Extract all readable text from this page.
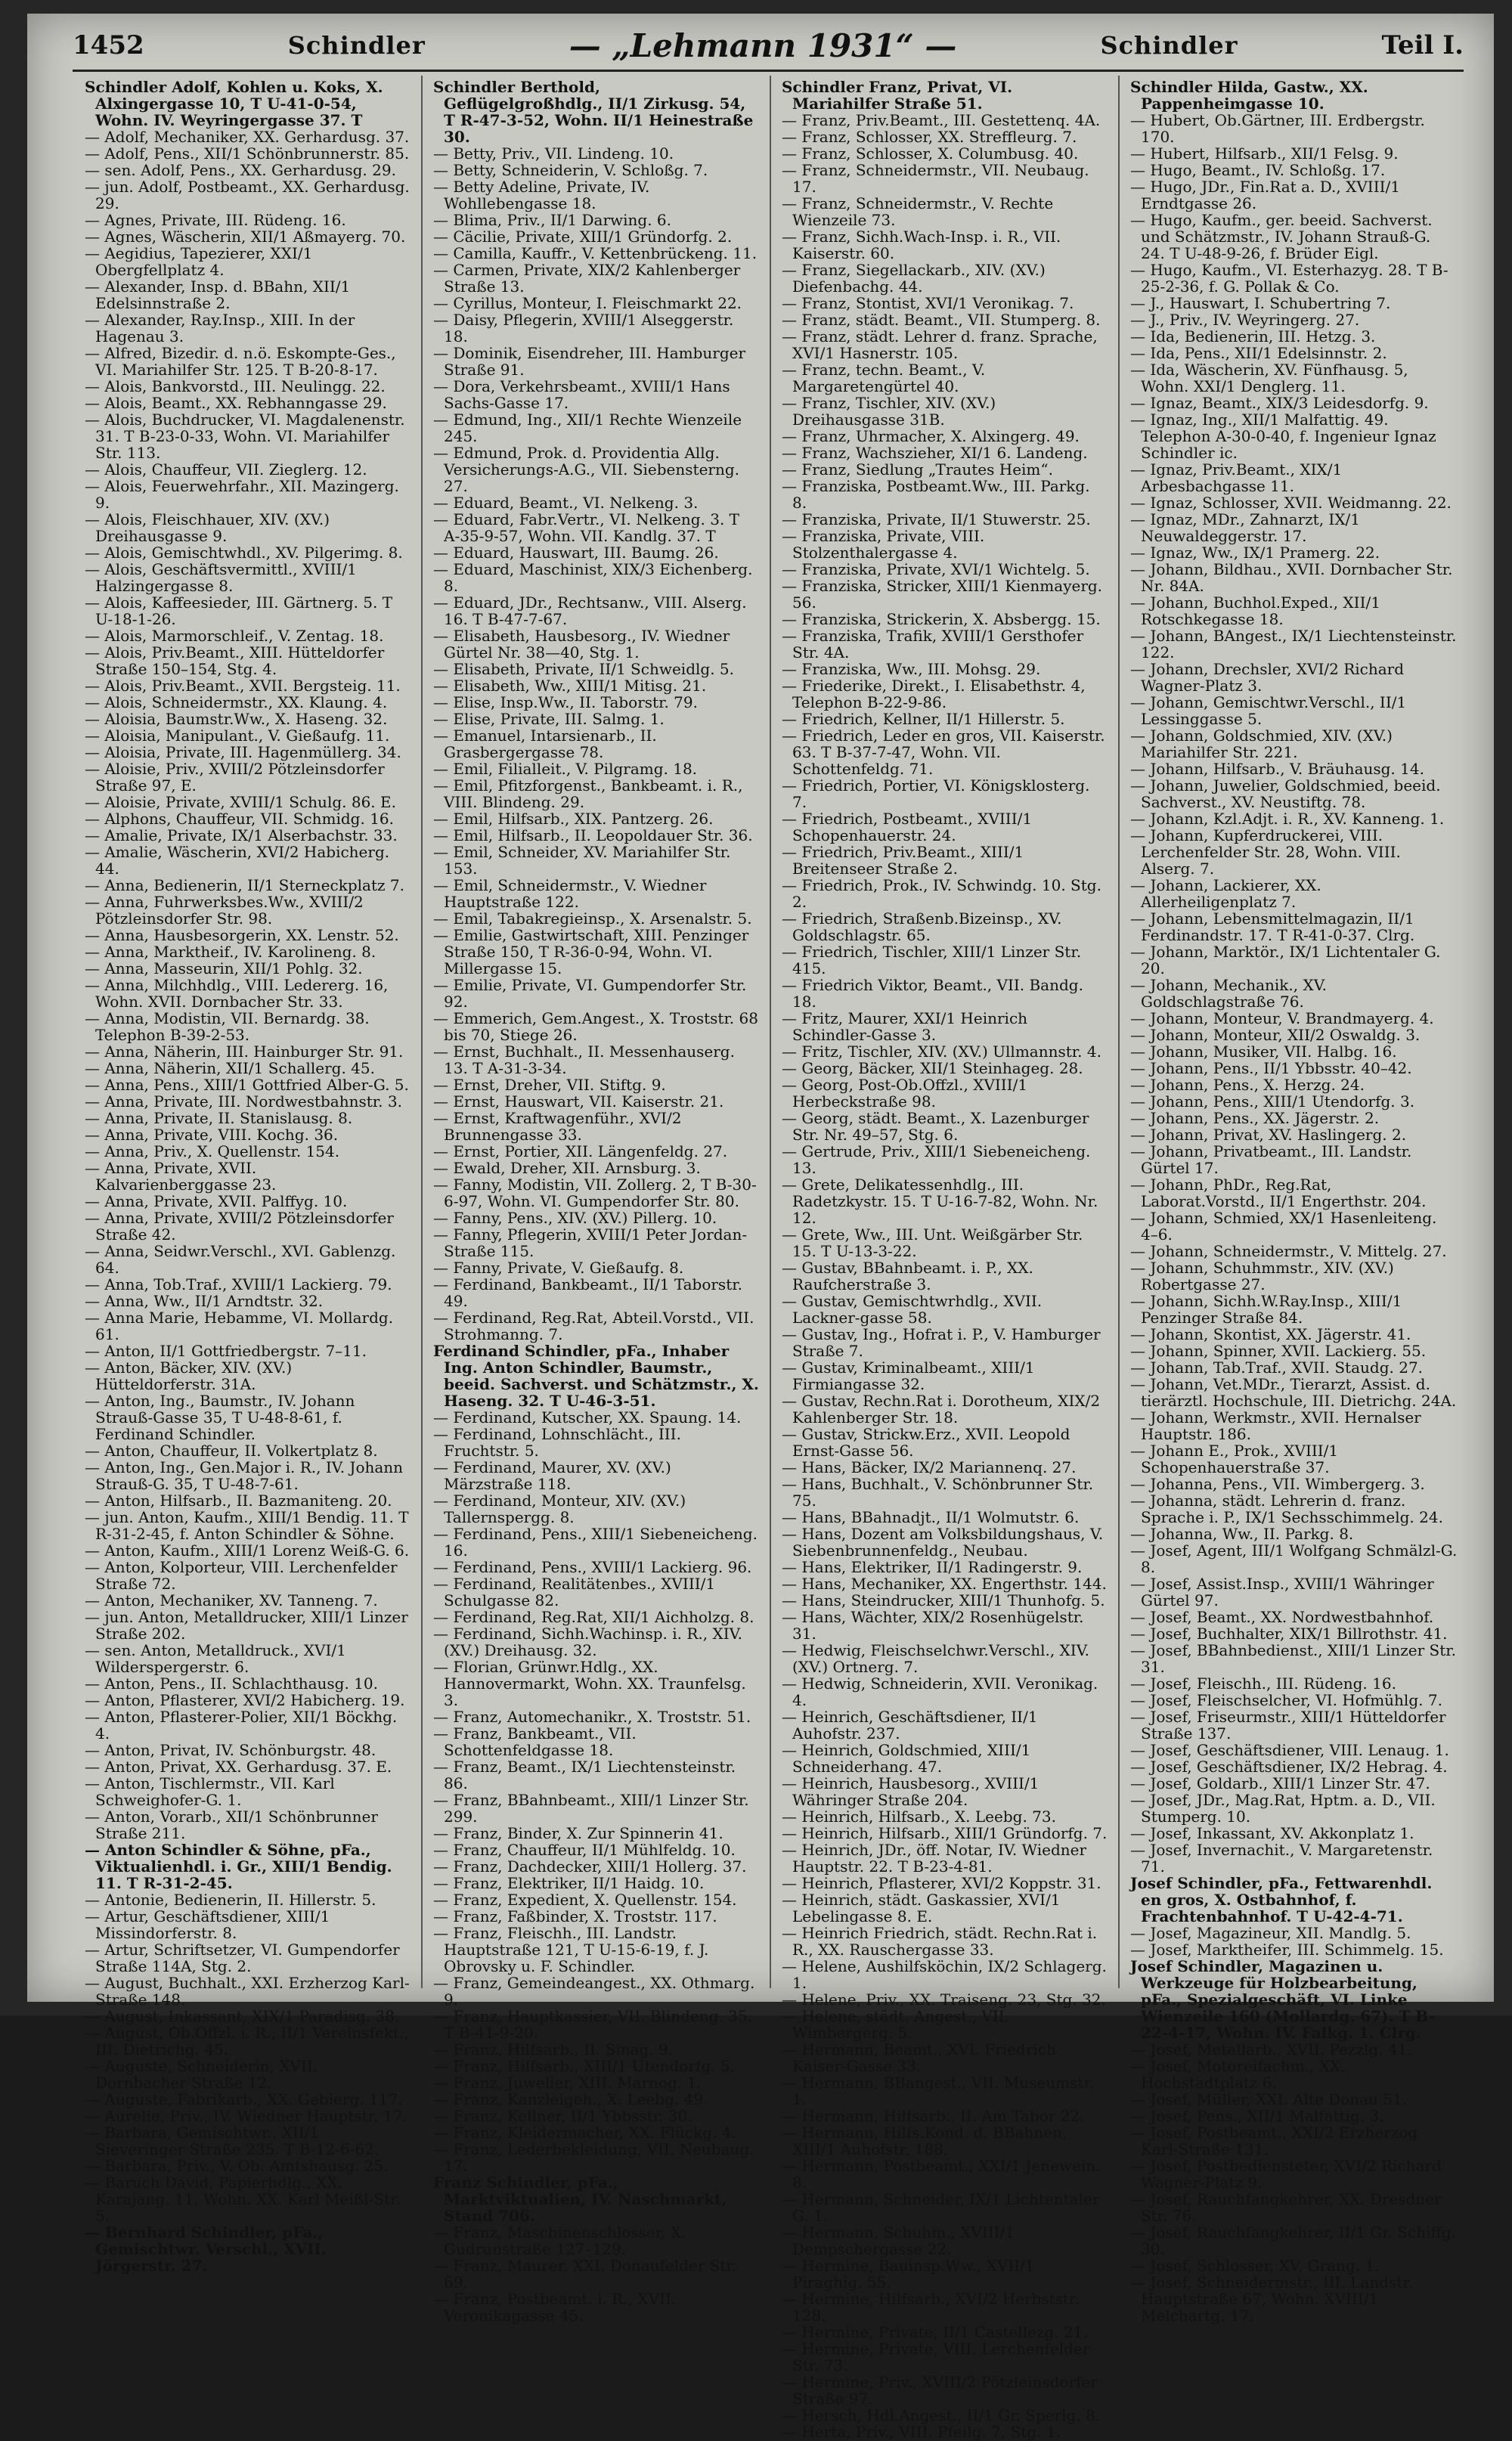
1452	Schindler	— „Lehmann 1931“ —	Schindler	Teil I.

Schindler Adolf, Kohlen u. Koks, X. Alxingergasse 10, T U-41-0-54, Wohn. IV. Weyringergasse 37. T

— Adolf, Mechaniker, XX. Gerhardusg. 37.

— Adolf, Pens., XII/1 Schönbrunnerstr. 85.

— sen. Adolf, Pens., XX. Gerhardusg. 29.

— jun. Adolf, Postbeamt., XX. Gerhardusg. 29.

— Agnes, Private, III. Rüdeng. 16.

— Agnes, Wäscherin, XII/1 Aßmayerg. 70.

— Aegidius, Tapezierer, XXI/1 Obergfellplatz 4.

— Alexander, Insp. d. BBahn, XII/1 Edelsinnstraße 2.

— Alexander, Ray.Insp., XIII. In der Hagenau 3.

— Alfred, Bizedir. d. n.ö. Eskompte-Ges., VI. Mariahilfer Str. 125. T B-20-8-17.

— Alois, Bankvorstd., III. Neulingg. 22.

— Alois, Beamt., XX. Rebhanngasse 29.

— Alois, Buchdrucker, VI. Magdalenenstr. 31. T B-23-0-33, Wohn. VI. Mariahilfer Str. 113.

— Alois, Chauffeur, VII. Zieglerg. 12.

— Alois, Feuerwehrfahr., XII. Mazingerg. 9.

— Alois, Fleischhauer, XIV. (XV.) Dreihausgasse 9.

— Alois, Gemischtwhdl., XV. Pilgerimg. 8.

— Alois, Geschäftsvermittl., XVIII/1 Halzingergasse 8.

— Alois, Kaffeesieder, III. Gärtnerg. 5. T U-18-1-26.

— Alois, Marmorschleif., V. Zentag. 18.

— Alois, Priv.Beamt., XIII. Hütteldorfer Straße 150–154, Stg. 4.

— Alois, Priv.Beamt., XVII. Bergsteig. 11.

— Alois, Schneidermstr., XX. Klaung. 4.

— Aloisia, Baumstr.Ww., X. Haseng. 32.

— Aloisia, Manipulant., V. Gießaufg. 11.

— Aloisia, Private, III. Hagenmüllerg. 34.

— Aloisie, Priv., XVIII/2 Pötzleinsdorfer Straße 97, E.

— Aloisie, Private, XVIII/1 Schulg. 86. E.

— Alphons, Chauffeur, VII. Schmidg. 16.

— Amalie, Private, IX/1 Alserbachstr. 33.

— Amalie, Wäscherin, XVI/2 Habicherg. 44.

— Anna, Bedienerin, II/1 Sterneckplatz 7.

— Anna, Fuhrwerksbes.Ww., XVIII/2 Pötzleinsdorfer Str. 98.

— Anna, Hausbesorgerin, XX. Lenstr. 52.

— Anna, Marktheif., IV. Karolineng. 8.

— Anna, Masseurin, XII/1 Pohlg. 32.

— Anna, Milchhdlg., VIII. Ledererg. 16, Wohn. XVII. Dornbacher Str. 33.

— Anna, Modistin, VII. Bernardg. 38. Telephon B-39-2-53.

— Anna, Näherin, III. Hainburger Str. 91.

— Anna, Näherin, XII/1 Schallerg. 45.

— Anna, Pens., XIII/1 Gottfried Alber-G. 5.

— Anna, Private, III. Nordwestbahnstr. 3.

— Anna, Private, II. Stanislausg. 8.

— Anna, Private, VIII. Kochg. 36.

— Anna, Priv., X. Quellenstr. 154.

— Anna, Private, XVII. Kalvarienberggasse 23.

— Anna, Private, XVII. Palffyg. 10.

— Anna, Private, XVIII/2 Pötzleinsdorfer Straße 42.

— Anna, Seidwr.Verschl., XVI. Gablenzg. 64.

— Anna, Tob.Traf., XVIII/1 Lackierg. 79.

— Anna, Ww., II/1 Arndtstr. 32.

— Anna Marie, Hebamme, VI. Mollardg. 61.

— Anton, II/1 Gottfriedbergstr. 7–11.

— Anton, Bäcker, XIV. (XV.) Hütteldorferstr. 31A.

— Anton, Ing., Baumstr., IV. Johann Strauß-Gasse 35, T U-48-8-61, f. Ferdinand Schindler.

— Anton, Chauffeur, II. Volkertplatz 8.

— Anton, Ing., Gen.Major i. R., IV. Johann Strauß-G. 35, T U-48-7-61.

— Anton, Hilfsarb., II. Bazmaniteng. 20.

— jun. Anton, Kaufm., XIII/1 Bendig. 11. T R-31-2-45, f. Anton Schindler & Söhne.

— Anton, Kaufm., XIII/1 Lorenz Weiß-G. 6.

— Anton, Kolporteur, VIII. Lerchenfelder Straße 72.

— Anton, Mechaniker, XV. Tanneng. 7.

— jun. Anton, Metalldrucker, XIII/1 Linzer Straße 202.

— sen. Anton, Metalldruck., XVI/1 Wilderspergerstr. 6.

— Anton, Pens., II. Schlachthausg. 10.

— Anton, Pflasterer, XVI/2 Habicherg. 19.

— Anton, Pflasterer-Polier, XII/1 Böckhg. 4.

— Anton, Privat, IV. Schönburgstr. 48.

— Anton, Privat, XX. Gerhardusg. 37. E.

— Anton, Tischlermstr., VII. Karl Schweighofer-G. 1.

— Anton, Vorarb., XII/1 Schönbrunner Straße 211.

— Anton Schindler & Söhne, pFa., Viktualienhdl. i. Gr., XIII/1 Bendig. 11. T R-31-2-45.

— Antonie, Bedienerin, II. Hillerstr. 5.

— Artur, Geschäftsdiener, XIII/1 Missindorferstr. 8.

— Artur, Schriftsetzer, VI. Gumpendorfer Straße 114A, Stg. 2.

— August, Buchhalt., XXI. Erzherzog Karl-Straße 148.

— August, Inkassant, XIX/1 Paradisg. 38.

— August, Ob.Offzl. i. R., II/1 Vereinsfekt., III. Dietrichg. 45.

— Auguste, Schneiderin, XVII. Dornbacher Straße 12.

— Auguste, Fabrikarb., XX. Gebierg. 117.

— Aurelie, Priv., IV. Wiedner Hauptstr. 17.

— Barbara, Gemischtwr., XII/1 Sieveringer Straße 235. T B-12-6-62.

— Barbara, Priv., V. Ob. Amtshausg. 25.

— Baruch David, Papierhdlg., XX. Karajang. 11, Wohn. XX. Karl Meißl-Str. 5.

— Bernhard Schindler, pFa., Gemischtwr. Verschl., XVII. Jörgerstr. 27.

Schindler Berthold, Geflügelgroßhdlg., II/1 Zirkusg. 54, T R-47-3-52, Wohn. II/1 Heinestraße 30.

— Betty, Priv., VII. Lindeng. 10.

— Betty, Schneiderin, V. Schloßg. 7.

— Betty Adeline, Private, IV. Wohllebengasse 18.

— Blima, Priv., II/1 Darwing. 6.

— Cäcilie, Private, XIII/1 Gründorfg. 2.

— Camilla, Kauffr., V. Kettenbrückeng. 11.

— Carmen, Private, XIX/2 Kahlenberger Straße 13.

— Cyrillus, Monteur, I. Fleischmarkt 22.

— Daisy, Pflegerin, XVIII/1 Alseggerstr. 18.

— Dominik, Eisendreher, III. Hamburger Straße 91.

— Dora, Verkehrsbeamt., XVIII/1 Hans Sachs-Gasse 17.

— Edmund, Ing., XII/1 Rechte Wienzeile 245.

— Edmund, Prok. d. Providentia Allg. Versicherungs-A.G., VII. Siebensterng. 27.

— Eduard, Beamt., VI. Nelkeng. 3.

— Eduard, Fabr.Vertr., VI. Nelkeng. 3. T A-35-9-57, Wohn. VII. Kandlg. 37. T

— Eduard, Hauswart, III. Baumg. 26.

— Eduard, Maschinist, XIX/3 Eichenberg. 8.

— Eduard, JDr., Rechtsanw., VIII. Alserg. 16. T B-47-7-67.

— Elisabeth, Hausbesorg., IV. Wiedner Gürtel Nr. 38—40, Stg. 1.

— Elisabeth, Private, II/1 Schweidlg. 5.

— Elisabeth, Ww., XIII/1 Mitisg. 21.

— Elise, Insp.Ww., II. Taborstr. 79.

— Elise, Private, III. Salmg. 1.

— Emanuel, Intarsienarb., II. Grasbergergasse 78.

— Emil, Filialleit., V. Pilgramg. 18.

— Emil, Pfitzforgenst., Bankbeamt. i. R., VIII. Blindeng. 29.

— Emil, Hilfsarb., XIX. Pantzerg. 26.

— Emil, Hilfsarb., II. Leopoldauer Str. 36.

— Emil, Schneider, XV. Mariahilfer Str. 153.

— Emil, Schneidermstr., V. Wiedner Hauptstraße 122.

— Emil, Tabakregieinsp., X. Arsenalstr. 5.

— Emilie, Gastwirtschaft, XIII. Penzinger Straße 150, T R-36-0-94, Wohn. VI. Millergasse 15.

— Emilie, Private, VI. Gumpendorfer Str. 92.

— Emmerich, Gem.Angest., X. Troststr. 68 bis 70, Stiege 26.

— Ernst, Buchhalt., II. Messenhauserg. 13. T A-31-3-34.

— Ernst, Dreher, VII. Stiftg. 9.

— Ernst, Hauswart, VII. Kaiserstr. 21.

— Ernst, Kraftwagenführ., XVI/2 Brunnengasse 33.

— Ernst, Portier, XII. Längenfeldg. 27.

— Ewald, Dreher, XII. Arnsburg. 3.

— Fanny, Modistin, VII. Zollerg. 2, T B-30-6-97, Wohn. VI. Gumpendorfer Str. 80.

— Fanny, Pens., XIV. (XV.) Pillerg. 10.

— Fanny, Pflegerin, XVIII/1 Peter Jordan-Straße 115.

— Fanny, Private, V. Gießaufg. 8.

— Ferdinand, Bankbeamt., II/1 Taborstr. 49.

— Ferdinand, Reg.Rat, Abteil.Vorstd., VII. Strohmanng. 7.

Ferdinand Schindler, pFa., Inhaber Ing. Anton Schindler, Baumstr., beeid. Sachverst. und Schätzmstr., X. Haseng. 32. T U-46-3-51.

— Ferdinand, Kutscher, XX. Spaung. 14.

— Ferdinand, Lohnschlächt., III. Fruchtstr. 5.

— Ferdinand, Maurer, XV. (XV.) Märzstraße 118.

— Ferdinand, Monteur, XIV. (XV.) Tallernspergg. 8.

— Ferdinand, Pens., XIII/1 Siebeneicheng. 16.

— Ferdinand, Pens., XVIII/1 Lackierg. 96.

— Ferdinand, Realitätenbes., XVIII/1 Schulgasse 82.

— Ferdinand, Reg.Rat, XII/1 Aichholzg. 8.

— Ferdinand, Sichh.Wachinsp. i. R., XIV. (XV.) Dreihausg. 32.

— Florian, Grünwr.Hdlg., XX. Hannovermarkt, Wohn. XX. Traunfelsg. 3.

— Franz, Automechanikr., X. Troststr. 51.

— Franz, Bankbeamt., VII. Schottenfeldgasse 18.

— Franz, Beamt., IX/1 Liechtensteinstr. 86.

— Franz, BBahnbeamt., XIII/1 Linzer Str. 299.

— Franz, Binder, X. Zur Spinnerin 41.

— Franz, Chauffeur, II/1 Mühlfeldg. 10.

— Franz, Dachdecker, XIII/1 Hollerg. 37.

— Franz, Elektriker, II/1 Haidg. 10.

— Franz, Expedient, X. Quellenstr. 154.

— Franz, Faßbinder, X. Troststr. 117.

— Franz, Fleischh., III. Landstr. Hauptstraße 121, T U-15-6-19, f. J. Obrovsky u. F. Schindler.

— Franz, Gemeindeangest., XX. Othmarg. 9.

— Franz, Hauptkassier, VII. Blindeng. 35. T B-41-9-20.

— Franz, Hilfsarb., II. Sinag. 9.

— Franz, Hilfsarb., XIII/1 Utendorfg. 5.

— Franz, Juwelier, XIII. Marnog. 1.

— Franz, Kanzleigeh., X. Leebg. 49.

— Franz, Kellner, II/1 Ybbsstr. 30.

— Franz, Kleidermacher, XX. Flückg. 4.

— Franz, Lederbekleidung, VII. Neubaug. 17.

Franz Schindler, pFa., Marktviktualien, IV. Naschmarkt, Stand 706.

— Franz, Maschinenschlosser, X. Gudrunstraße 127–129.

— Franz, Maurer, XXI. Donaufelder Str. 69.

— Franz, Postbeamt. i. R., XVII. Veronikagasse 45.

Schindler Franz, Privat, VI. Mariahilfer Straße 51.

— Franz, Priv.Beamt., III. Gestettenq. 4A.

— Franz, Schlosser, XX. Streffleurg. 7.

— Franz, Schlosser, X. Columbusg. 40.

— Franz, Schneidermstr., VII. Neubaug. 17.

— Franz, Schneidermstr., V. Rechte Wienzeile 73.

— Franz, Sichh.Wach-Insp. i. R., VII. Kaiserstr. 60.

— Franz, Siegellackarb., XIV. (XV.) Diefenbachg. 44.

— Franz, Stontist, XVI/1 Veronikag. 7.

— Franz, städt. Beamt., VII. Stumperg. 8.

— Franz, städt. Lehrer d. franz. Sprache, XVI/1 Hasnerstr. 105.

— Franz, techn. Beamt., V. Margaretengürtel 40.

— Franz, Tischler, XIV. (XV.) Dreihausgasse 31B.

— Franz, Uhrmacher, X. Alxingerg. 49.

— Franz, Wachszieher, XI/1 6. Landeng.

— Franz, Siedlung „Trautes Heim“.

— Franziska, Postbeamt.Ww., III. Parkg. 8.

— Franziska, Private, II/1 Stuwerstr. 25.

— Franziska, Private, VIII. Stolzenthalergasse 4.

— Franziska, Private, XVI/1 Wichtelg. 5.

— Franziska, Stricker, XIII/1 Kienmayerg. 56.

— Franziska, Strickerin, X. Absbergg. 15.

— Franziska, Trafik, XVIII/1 Gersthofer Str. 4A.

— Franziska, Ww., III. Mohsg. 29.

— Friederike, Direkt., I. Elisabethstr. 4, Telephon B-22-9-86.

— Friedrich, Kellner, II/1 Hillerstr. 5.

— Friedrich, Leder en gros, VII. Kaiserstr. 63. T B-37-7-47, Wohn. VII. Schottenfeldg. 71.

— Friedrich, Portier, VI. Königsklosterg. 7.

— Friedrich, Postbeamt., XVIII/1 Schopenhauerstr. 24.

— Friedrich, Priv.Beamt., XIII/1 Breitenseer Straße 2.

— Friedrich, Prok., IV. Schwindg. 10. Stg. 2.

— Friedrich, Straßenb.Bizeinsp., XV. Goldschlagstr. 65.

— Friedrich, Tischler, XIII/1 Linzer Str. 415.

— Friedrich Viktor, Beamt., VII. Bandg. 18.

— Fritz, Maurer, XXI/1 Heinrich Schindler-Gasse 3.

— Fritz, Tischler, XIV. (XV.) Ullmannstr. 4.

— Georg, Bäcker, XII/1 Steinhageg. 28.

— Georg, Post-Ob.Offzl., XVIII/1 Herbeckstraße 98.

— Georg, städt. Beamt., X. Lazenburger Str. Nr. 49–57, Stg. 6.

— Gertrude, Priv., XIII/1 Siebeneicheng. 13.

— Grete, Delikatessenhdlg., III. Radetzkystr. 15. T U-16-7-82, Wohn. Nr. 12.

— Grete, Ww., III. Unt. Weißgärber Str. 15. T U-13-3-22.

— Gustav, BBahnbeamt. i. P., XX. Raufcherstraße 3.

— Gustav, Gemischtwrhdlg., XVII. Lackner-gasse 58.

— Gustav, Ing., Hofrat i. P., V. Hamburger Straße 7.

— Gustav, Kriminalbeamt., XIII/1 Firmiangasse 32.

— Gustav, Rechn.Rat i. Dorotheum, XIX/2 Kahlenberger Str. 18.

— Gustav, Strickw.Erz., XVII. Leopold Ernst-Gasse 56.

— Hans, Bäcker, IX/2 Mariannenq. 27.

— Hans, Buchhalt., V. Schönbrunner Str. 75.

— Hans, BBahnadjt., II/1 Wolmutstr. 6.

— Hans, Dozent am Volksbildungshaus, V. Siebenbrunnenfeldg., Neubau.

— Hans, Elektriker, II/1 Radingerstr. 9.

— Hans, Mechaniker, XX. Engerthstr. 144.

— Hans, Steindrucker, XIII/1 Thunhofg. 5.

— Hans, Wächter, XIX/2 Rosenhügelstr. 31.

— Hedwig, Fleischselchwr.Verschl., XIV. (XV.) Ortnerg. 7.

— Hedwig, Schneiderin, XVII. Veronikag. 4.

— Heinrich, Geschäftsdiener, II/1 Auhofstr. 237.

— Heinrich, Goldschmied, XIII/1 Schneiderhang. 47.

— Heinrich, Hausbesorg., XVIII/1 Währinger Straße 204.

— Heinrich, Hilfsarb., X. Leebg. 73.

— Heinrich, Hilfsarb., XIII/1 Gründorfg. 7.

— Heinrich, JDr., öff. Notar, IV. Wiedner Hauptstr. 22. T B-23-4-81.

— Heinrich, Pflasterer, XVI/2 Koppstr. 31.

— Heinrich, städt. Gaskassier, XVI/1 Lebelingasse 8. E.

— Heinrich Friedrich, städt. Rechn.Rat i. R., XX. Rauschergasse 33.

— Helene, Aushilfsköchin, IX/2 Schlagerg. 1.

— Helene, Priv., XX. Traiseng. 23, Stg. 32.

— Helene, städt. Angest., VII. Wimbergerg. 5.

— Hermann, Beamt., XVI. Friedrich Kaiser-Gasse 33.

— Hermann, BBangest., VII. Museumstr. 1.

— Hermann, Hilfsarb., II. Am Tabor 22.

— Hermann, Hilfs.Kond. d. BBahnen, XIII/1 Auhofstr. 188.

— Hermann, Postbeamt., XXI/1 Jenewein. 8.

— Hermann, Schneider, IX/1 Lichtentaler G. 1.

— Hermann, Schuhm., XVIII/1 Dempschergasse 22.

— Hermine, Bauinsp.Ww., XVII/1 Piraghig. 55.

— Hermine, Hilfsarb., XVI/2 Herbststr. 128.

— Hermine, Private, II/1 Castellezg. 21.

— Hermine, Private, VIII. Lerchenfelder Str. 73.

— Hermine, Priv., XVIII/2 Pötzleinsdorfer Straße 97.

— Hersch, Hdl.Angest., II/1 Gr. Sperlg. 8.

— Herta, Priv., VIII. Pfeilg. 7, Stg. 1.

Schindler Hilda, Gastw., XX. Pappenheimgasse 10.

— Hubert, Ob.Gärtner, III. Erdbergstr. 170.

— Hubert, Hilfsarb., XII/1 Felsg. 9.

— Hugo, Beamt., IV. Schloßg. 17.

— Hugo, JDr., Fin.Rat a. D., XVIII/1 Erndtgasse 26.

— Hugo, Kaufm., ger. beeid. Sachverst. und Schätzmstr., IV. Johann Strauß-G. 24. T U-48-9-26, f. Brüder Eigl.

— Hugo, Kaufm., VI. Esterhazyg. 28. T B-25-2-36, f. G. Pollak & Co.

— J., Hauswart, I. Schubertring 7.

— J., Priv., IV. Weyringerg. 27.

— Ida, Bedienerin, III. Hetzg. 3.

— Ida, Pens., XII/1 Edelsinnstr. 2.

— Ida, Wäscherin, XV. Fünfhausg. 5, Wohn. XXI/1 Denglerg. 11.

— Ignaz, Beamt., XIX/3 Leidesdorfg. 9.

— Ignaz, Ing., XII/1 Malfattig. 49. Telephon A-30-0-40, f. Ingenieur Ignaz Schindler ic.

— Ignaz, Priv.Beamt., XIX/1 Arbesbachgasse 11.

— Ignaz, Schlosser, XVII. Weidmanng. 22.

— Ignaz, MDr., Zahnarzt, IX/1 Neuwaldeggerstr. 17.

— Ignaz, Ww., IX/1 Pramerg. 22.

— Johann, Bildhau., XVII. Dornbacher Str. Nr. 84A.

— Johann, Buchhol.Exped., XII/1 Rotschkegasse 18.

— Johann, BAngest., IX/1 Liechtensteinstr. 122.

— Johann, Drechsler, XVI/2 Richard Wagner-Platz 3.

— Johann, Gemischtwr.Verschl., II/1 Lessinggasse 5.

— Johann, Goldschmied, XIV. (XV.) Mariahilfer Str. 221.

— Johann, Hilfsarb., V. Bräuhausg. 14.

— Johann, Juwelier, Goldschmied, beeid. Sachverst., XV. Neustiftg. 78.

— Johann, Kzl.Adjt. i. R., XV. Kanneng. 1.

— Johann, Kupferdruckerei, VIII. Lerchenfelder Str. 28, Wohn. VIII. Alserg. 7.

— Johann, Lackierer, XX. Allerheiligenplatz 7.

— Johann, Lebensmittelmagazin, II/1 Ferdinandstr. 17. T R-41-0-37. Clrg.

— Johann, Marktör., IX/1 Lichtentaler G. 20.

— Johann, Mechanik., XV. Goldschlagstraße 76.

— Johann, Monteur, V. Brandmayerg. 4.

— Johann, Monteur, XII/2 Oswaldg. 3.

— Johann, Musiker, VII. Halbg. 16.

— Johann, Pens., II/1 Ybbsstr. 40–42.

— Johann, Pens., X. Herzg. 24.

— Johann, Pens., XIII/1 Utendorfg. 3.

— Johann, Pens., XX. Jägerstr. 2.

— Johann, Privat, XV. Haslingerg. 2.

— Johann, Privatbeamt., III. Landstr. Gürtel 17.

— Johann, PhDr., Reg.Rat, Laborat.Vorstd., II/1 Engerthstr. 204.

— Johann, Schmied, XX/1 Hasenleiteng. 4–6.

— Johann, Schneidermstr., V. Mittelg. 27.

— Johann, Schuhmmstr., XIV. (XV.) Robertgasse 27.

— Johann, Sichh.W.Ray.Insp., XIII/1 Penzinger Straße 84.

— Johann, Skontist, XX. Jägerstr. 41.

— Johann, Spinner, XVII. Lackierg. 55.

— Johann, Tab.Traf., XVII. Staudg. 27.

— Johann, Vet.MDr., Tierarzt, Assist. d. tierärztl. Hochschule, III. Dietrichg. 24A.

— Johann, Werkmstr., XVII. Hernalser Hauptstr. 186.

— Johann E., Prok., XVIII/1 Schopenhauerstraße 37.

— Johanna, Pens., VII. Wimbergerg. 3.

— Johanna, städt. Lehrerin d. franz. Sprache i. P., IX/1 Sechsschimmelg. 24.

— Johanna, Ww., II. Parkg. 8.

— Josef, Agent, III/1 Wolfgang Schmälzl-G. 8.

— Josef, Assist.Insp., XVIII/1 Währinger Gürtel 97.

— Josef, Beamt., XX. Nordwestbahnhof.

— Josef, Buchhalter, XIX/1 Billrothstr. 41.

— Josef, BBahnbedienst., XIII/1 Linzer Str. 31.

— Josef, Fleischh., III. Rüdeng. 16.

— Josef, Fleischselcher, VI. Hofmühlg. 7.

— Josef, Friseurmstr., XIII/1 Hütteldorfer Straße 137.

— Josef, Geschäftsdiener, VIII. Lenaug. 1.

— Josef, Geschäftsdiener, IX/2 Hebrag. 4.

— Josef, Goldarb., XIII/1 Linzer Str. 47.

— Josef, JDr., Mag.Rat, Hptm. a. D., VII. Stumperg. 10.

— Josef, Inkassant, XV. Akkonplatz 1.

— Josef, Invernachit., V. Margaretenstr. 71.

Josef Schindler, pFa., Fettwarenhdl. en gros, X. Ostbahnhof, f. Frachtenbahnhof. T U-42-4-71.

— Josef, Magazineur, XII. Mandlg. 5.

— Josef, Marktheifer, III. Schimmelg. 15.

Josef Schindler, Magazinen u. Werkzeuge für Holzbearbeitung, pFa., Spezialgeschäft, VI. Linke Wienzeile 160 (Mollardg. 67). T B-22-4-17, Wohn. IV. Falkg. 1. Clrg.

— Josef, Metallarb., XVII. Pezzlg. 41.

— Josef, Motoreifachm., XX. Hochstädtplatz 6.

— Josef, Müller, XXI. Alte Donau 51.

— Josef, Pens., XII/1 Malfattig. 3.

— Josef, Postbeamt., XXI/2 Erzherzog Karl-Straße 131.

— Josef, Postbediensteter, XVI/2 Richard Wagner-Platz 9.

— Josef, Rauchfangkehrer, XX. Dresdner Str. 76.

— Josef, Rauchfangkehrer, II/1 Gr. Schiffg. 30.

— Josef, Schlosser, XV. Grang. 1.

— Josef, Schneidermstr., III. Landstr. Hauptstraße 67, Wohn. XVIII/1 Melchartg. 17.
